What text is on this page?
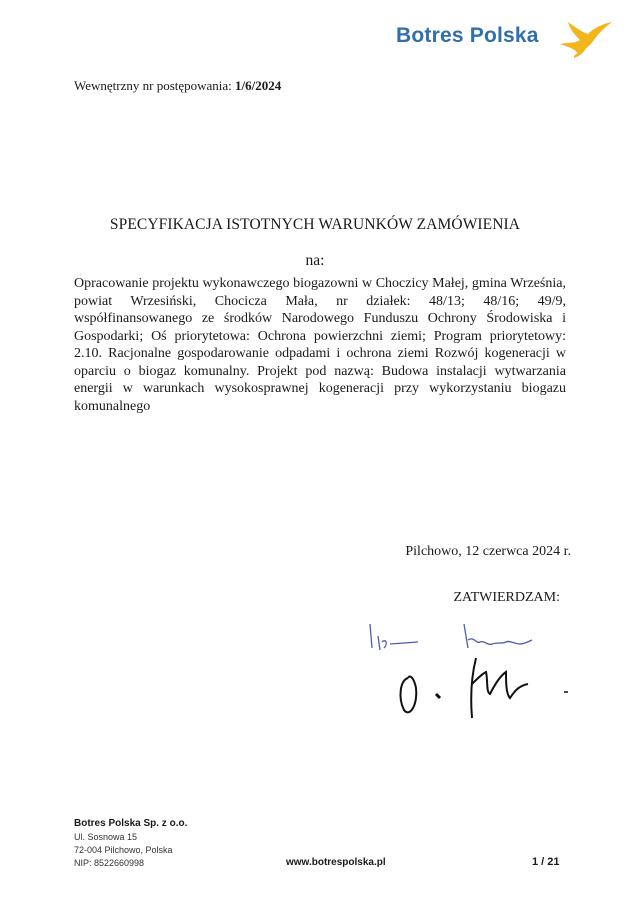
Botres Polska
Wewnętrzny nr postępowania: 1/6/2024
SPECYFIKACJA ISTOTNYCH WARUNKÓW ZAMÓWIENIA
na:
Opracowanie projektu wykonawczego biogazowni w Choczicy Małej, gmina Września, powiat Wrzesiński, Chocicza Mała, nr działek: 48/13; 48/16; 49/9, współfinansowanego ze środków Narodowego Funduszu Ochrony Środowiska i Gospodarki; Oś priorytetowa: Ochrona powierzchni ziemi; Program priorytetowy: 2.10. Racjonalne gospodarowanie odpadami i ochrona ziemi Rozwój kogeneracji w oparciu o biogaz komunalny. Projekt pod nazwą: Budowa instalacji wytwarzania energii w warunkach wysokosprawnej kogeneracji przy wykorzystaniu biogazu komunalnego
Pilchowo, 12 czerwca 2024 r.
ZATWIERDZAM:
Botres Polska Sp. z o.o.
Ul. Sosnowa 15
72-004 Pilchowo, Polska
NIP: 8522660998	www.botrespolska.pl	1 / 21
